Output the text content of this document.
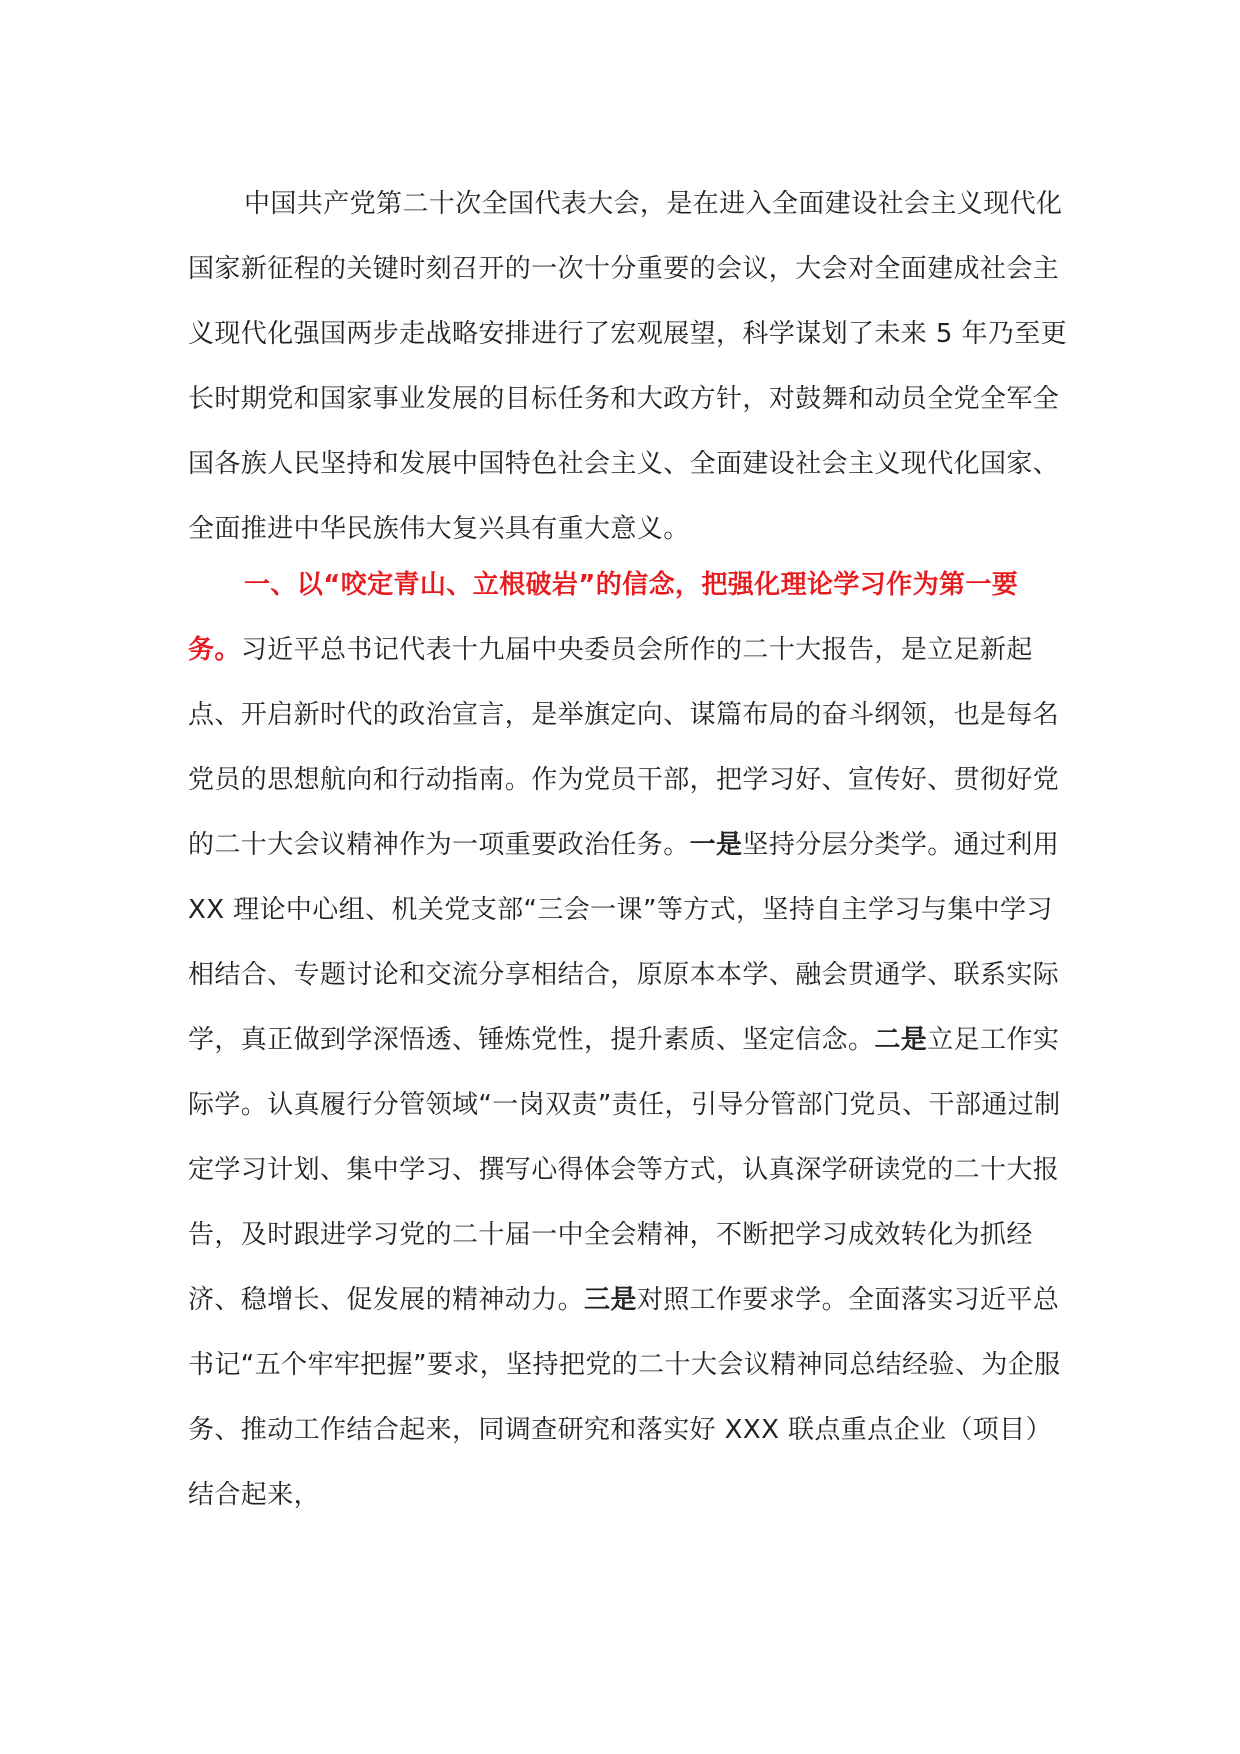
中国共产党第二十次全国代表大会，是在进入全面建设社会主义现代化国家新征程的关键时刻召开的一次十分重要的会议，大会对全面建成社会主义现代化强国两步走战略安排进行了宏观展望，科学谋划了未来 5 年乃至更长时期党和国家事业发展的目标任务和大政方针，对鼓舞和动员全党全军全国各族人民坚持和发展中国特色社会主义、全面建设社会主义现代化国家、全面推进中华民族伟大复兴具有重大意义。

一、以“咬定青山、立根破岩”的信念，把强化理论学习作为第一要务。习近平总书记代表十九届中央委员会所作的二十大报告，是立足新起点、开启新时代的政治宣言，是举旗定向、谋篇布局的奋斗纲领，也是每名党员的思想航向和行动指南。作为党员干部，把学习好、宣传好、贯彻好党的二十大会议精神作为一项重要政治任务。一是坚持分层分类学。通过利用 XX 理论中心组、机关党支部“三会一课”等方式，坚持自主学习与集中学习相结合、专题讨论和交流分享相结合，原原本本学、融会贯通学、联系实际学，真正做到学深悟透、锤炼党性，提升素质、坚定信念。二是立足工作实际学。认真履行分管领域“一岗双责”责任，引导分管部门党员、干部通过制定学习计划、集中学习、撰写心得体会等方式，认真深学研读党的二十大报告，及时跟进学习党的二十届一中全会精神，不断把学习成效转化为抓经济、稳增长、促发展的精神动力。三是对照工作要求学。全面落实习近平总书记“五个牢牢把握”要求，坚持把党的二十大会议精神同总结经验、为企服务、推动工作结合起来，同调查研究和落实好 XXX 联点重点企业（项目）结合起来，
